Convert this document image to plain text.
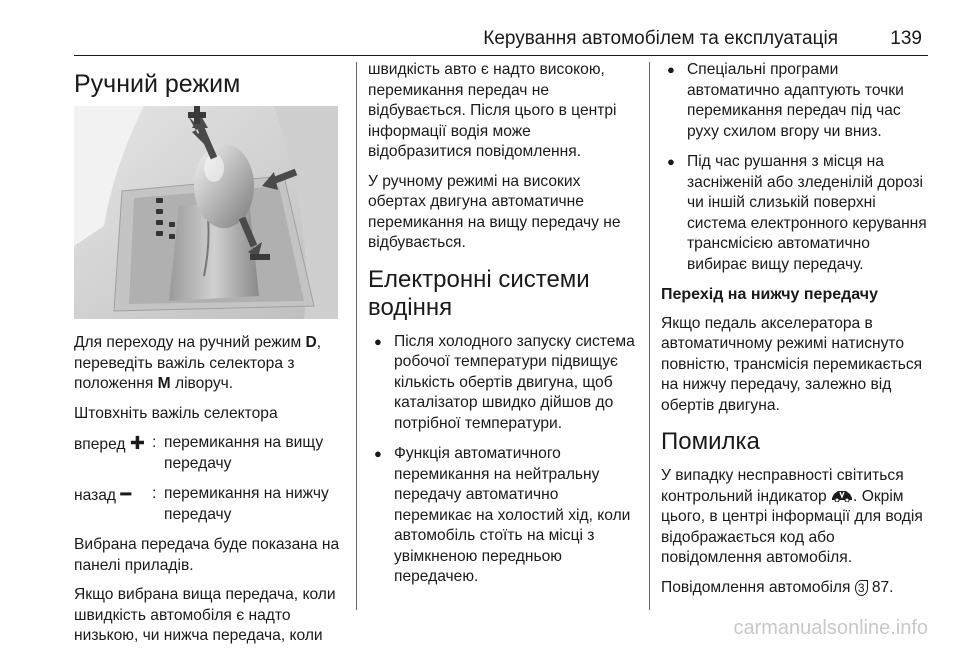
Керування автомобілем та експлуатація	139
Ручний режим

Для переходу на ручний режим D, переведіть важіль селектора з положення M ліворуч.

Штовхніть важіль селектора

вперед ✚ : перемикання на вищу передачу
назад ━	: перемикання на нижчу передачу

Вибрана передача буде показана на панелі приладів.

Якщо вибрана вища передача, коли швидкість автомобіля є надто низькою, чи нижча передача, коли

швидкість авто є надто високою, перемикання передач не відбувається. Після цього в центрі інформації водія може відобразитися повідомлення.

У ручному режимі на високих обертах двигуна автоматичне перемикання на вищу передачу не відбувається.

Електронні системи водіння
● Після холодного запуску система робочої температури підвищує кількість обертів двигуна, щоб каталізатор швидко дійшов до потрібної температури.
● Функція автоматичного перемикання на нейтральну передачу автоматично перемикає на холостий хід, коли автомобіль стоїть на місці з увімкненою передньою передачею.
● Спеціальні програми автоматично адаптують точки перемикання передач під час руху схилом вгору чи вниз.
● Під час рушання з місця на засніженій або зледенілій дорозі чи іншій слизькій поверхні система електронного керування трансмісією автоматично вибирає вищу передачу.
Перехід на нижчу передачу

Якщо педаль акселератора в автоматичному режимі натиснуто повністю, трансмісія перемикається на нижчу передачу, залежно від обертів двигуна.

Помилка

У випадку несправності світиться контрольний індикатор . Окрім цього, в центрі інформації для водія відображається код або повідомлення автомобіля.

Повідомлення автомобіля 3 87.

carmanualsonline.info
